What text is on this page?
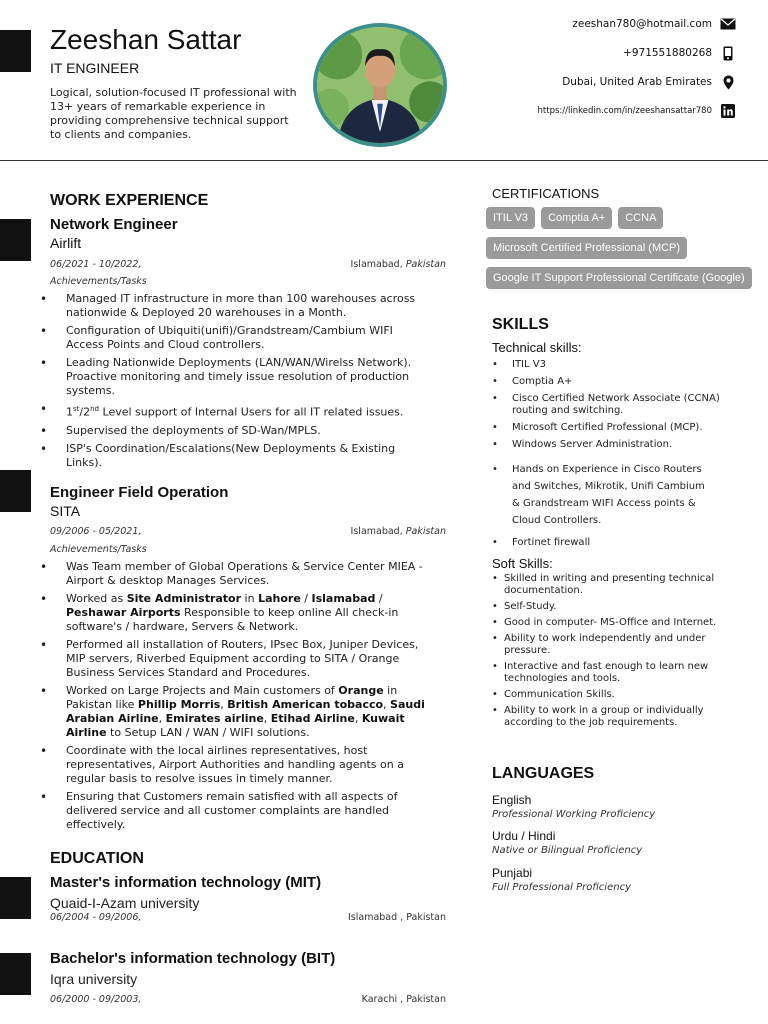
Zeeshan Sattar
IT ENGINEER
Logical, solution-focused IT professional with 13+ years of remarkable experience in providing comprehensive technical support to clients and companies.
zeeshan780@hotmail.com
+971551880268
Dubai, United Arab Emirates
https://linkedin.com/in/zeeshansattar780
WORK EXPERIENCE
Network Engineer
Airlift
06/2021 - 10/2022,	Islamabad, Pakistan
Achievements/Tasks
• Managed IT infrastructure in more than 100 warehouses across nationwide & Deployed 20 warehouses in a Month.
• Configuration of Ubiquiti(unifi)/Grandstream/Cambium WIFI Access Points and Cloud controllers.
• Leading Nationwide Deployments (LAN/WAN/Wirelss Network). Proactive monitoring and timely issue resolution of production systems.
• 1st/2nd Level support of Internal Users for all IT related issues.
• Supervised the deployments of SD-Wan/MPLS.
• ISP's Coordination/Escalations(New Deployments & Existing Links).
Engineer Field Operation
SITA
09/2006 - 05/2021,	Islamabad, Pakistan
Achievements/Tasks
• Was Team member of Global Operations & Service Center MIEA - Airport & desktop Manages Services.
• Worked as Site Administrator in Lahore / Islamabad / Peshawar Airports Responsible to keep online All check-in software's / hardware, Servers & Network.
• Performed all installation of Routers, IPsec Box, Juniper Devices, MIP servers, Riverbed Equipment according to SITA / Orange Business Services Standard and Procedures.
• Worked on Large Projects and Main customers of Orange in Pakistan like Phillip Morris, British American tobacco, Saudi Arabian Airline, Emirates airline, Etihad Airline, Kuwait Airline to Setup LAN / WAN / WIFI solutions.
• Coordinate with the local airlines representatives, host representatives, Airport Authorities and handling agents on a regular basis to resolve issues in timely manner.
• Ensuring that Customers remain satisfied with all aspects of delivered service and all customer complaints are handled effectively.
EDUCATION
Master's information technology (MIT)
Quaid-I-Azam university
06/2004 - 09/2006,	Islamabad , Pakistan
Bachelor's information technology (BIT)
Iqra university
06/2000 - 09/2003,	Karachi , Pakistan
CERTIFICATIONS
ITIL V3	Comptia A+	CCNA
Microsoft Certified Professional (MCP)
Google IT Support Professional Certificate (Google)
SKILLS
Technical skills:
• ITIL V3
• Comptia A+
• Cisco Certified Network Associate (CCNA) routing and switching.
• Microsoft Certified Professional (MCP).
• Windows Server Administration.
• Hands on Experience in Cisco Routers and Switches, Mikrotik, Unifi Cambium & Grandstream WIFI Access points & Cloud Controllers.
• Fortinet firewall
Soft Skills:
• Skilled in writing and presenting technical documentation.
• Self-Study.
• Good in computer- MS-Office and Internet.
• Ability to work independently and under pressure.
• Interactive and fast enough to learn new technologies and tools.
• Communication Skills.
• Ability to work in a group or individually according to the job requirements.
LANGUAGES
English
Professional Working Proficiency
Urdu / Hindi
Native or Bilingual Proficiency
Punjabi
Full Professional Proficiency
